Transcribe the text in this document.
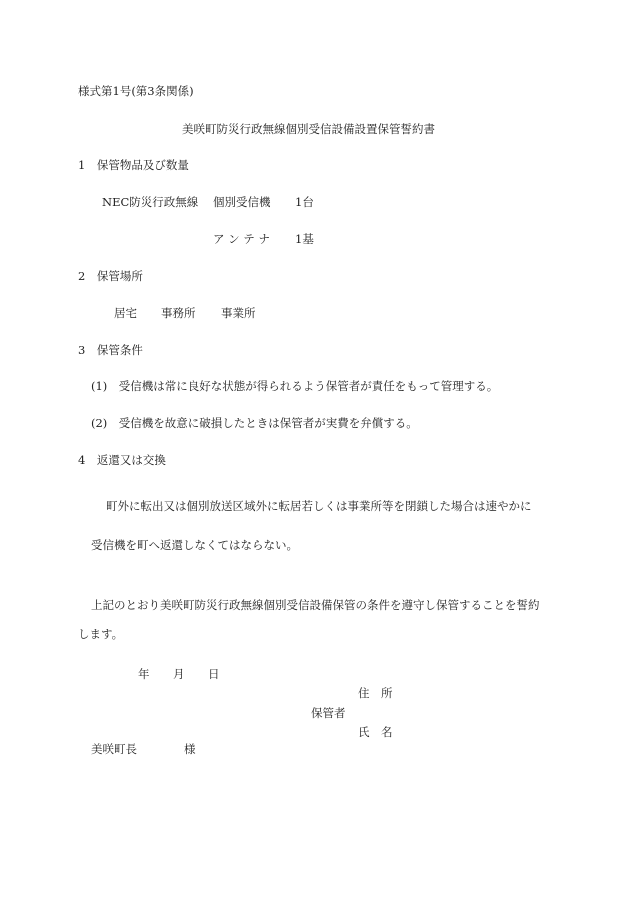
様式第1号(第3条関係)
美咲町防災行政無線個別受信設備設置保管誓約書
1　保管物品及び数量
NEC防災行政無線 個別受信機 1台
ア ン テ ナ 1基
2　保管場所
居宅 事務所 事業所
3　保管条件
(1)　受信機は常に良好な状態が得られるよう保管者が責任をもって管理する。
(2)　受信機を故意に破損したときは保管者が実費を弁償する。
4　返還又は交換
町外に転出又は個別放送区域外に転居若しくは事業所等を閉鎖した場合は速やかに
受信機を町へ返還しなくてはならない。
上記のとおり美咲町防災行政無線個別受信設備保管の条件を遵守し保管することを誓約
します。
年 月 日
住　所
保管者
氏　名
美咲町長	様
